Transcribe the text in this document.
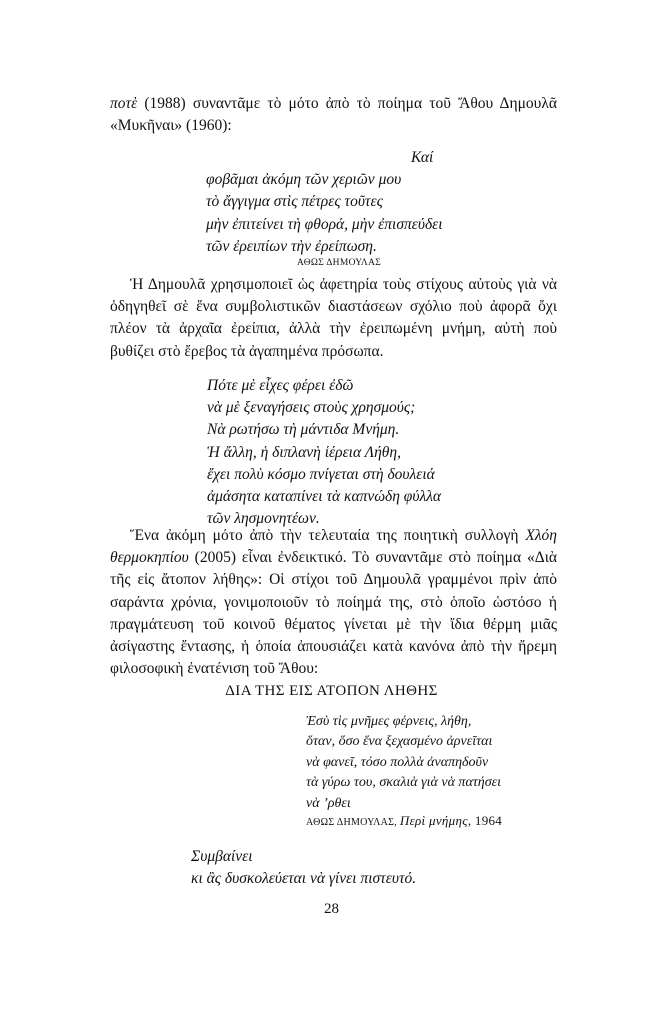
ποτὲ (1988) συναντᾶμε τὸ μότο ἀπὸ τὸ ποίημα τοῦ Ἄθου Δημουλᾶ «Μυκῆναι» (1960):
Καί
φοβᾶμαι ἀκόμη τῶν χεριῶν μου
τὸ ἄγγιγμα στὶς πέτρες τοῦτες
μὴν ἐπιτείνει τὴ φθορά, μὴν ἐπισπεύδει
τῶν ἐρειπίων τὴν ἐρείπωση.
ΑΘΩΣ ΔΗΜΟΥΛΑΣ
Ἡ Δημουλᾶ χρησιμοποιεῖ ὡς ἀφετηρία τοὺς στίχους αὐτοὺς γιὰ νὰ ὁδηγηθεῖ σὲ ἕνα συμβολιστικῶν διαστάσεων σχόλιο ποὺ ἀφορᾶ ὄχι πλέον τὰ ἀρχαῖα ἐρείπια, ἀλλὰ τὴν ἐρειπωμένη μνήμη, αὐτὴ ποὺ βυθίζει στὸ ἔρεβος τὰ ἀγαπημένα πρόσωπα.
Πότε μὲ εἶχες φέρει ἐδῶ
νὰ μὲ ξεναγήσεις στοὺς χρησμούς;
Νὰ ρωτήσω τὴ μάντιδα Μνήμη.
Ἡ ἄλλη, ἡ διπλανὴ ἱέρεια Λήθη,
ἔχει πολὺ κόσμο πνίγεται στὴ δουλειά
ἀμάσητα καταπίνει τὰ καπνώδη φύλλα
τῶν λησμονητέων.
Ἕνα ἀκόμη μότο ἀπὸ τὴν τελευταία της ποιητικὴ συλλογὴ Χλόη θερμοκηπίου (2005) εἶναι ἐνδεικτικό. Τὸ συναντᾶμε στὸ ποίημα «Διὰ τῆς εἰς ἄτοπον λήθης»: Οἱ στίχοι τοῦ Δημουλᾶ γραμμένοι πρὶν ἀπὸ σαράντα χρόνια, γονιμοποιοῦν τὸ ποίημά της, στὸ ὁποῖο ὡστόσο ἡ πραγμάτευση τοῦ κοινοῦ θέματος γίνεται μὲ τὴν ἴδια θέρμη μιᾶς ἀσίγαστης ἔντασης, ἡ ὁποία ἀπουσιάζει κατὰ κανόνα ἀπὸ τὴν ἤρεμη φιλοσοφικὴ ἐνατένιση τοῦ Ἄθου:
ΔΙΑ ΤΗΣ ΕΙΣ ΑΤΟΠΟΝ ΛΗΘΗΣ
Ἐσὺ τὶς μνῆμες φέρνεις, λήθη,
ὅταν, ὅσο ἕνα ξεχασμένο ἀρνεῖται
νὰ φανεῖ, τόσο πολλὰ ἀναπηδοῦν
τὰ γύρω του, σκαλιὰ γιὰ νὰ πατήσει
νὰ ’ρθει
ΑΘΩΣ ΔΗΜΟΥΛΑΣ, Περὶ μνήμης, 1964
Συμβαίνει
κι ἂς δυσκολεύεται νὰ γίνει πιστευτό.
28
